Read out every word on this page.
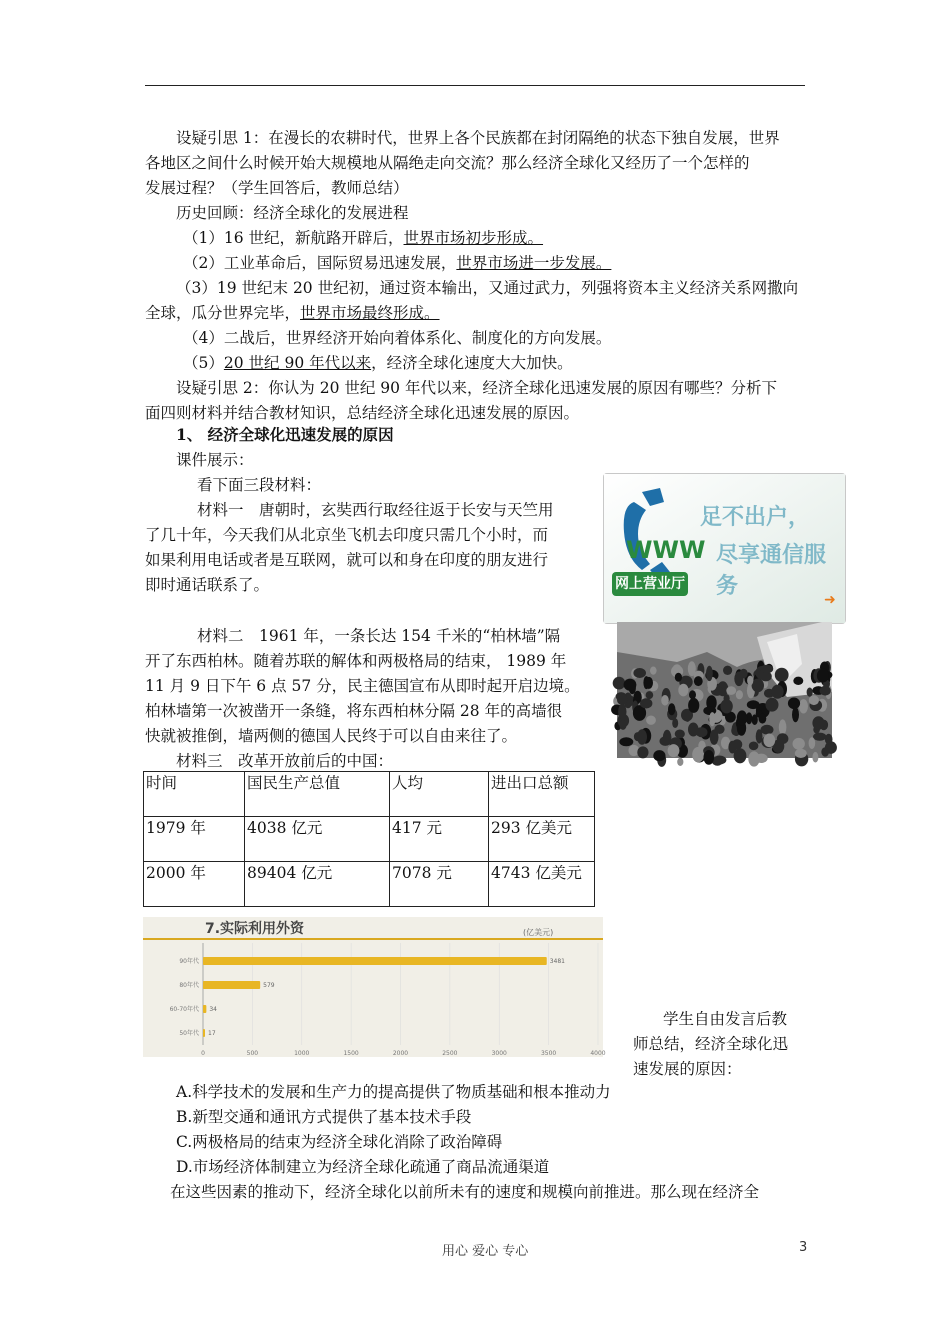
设疑引思 1：在漫长的农耕时代，世界上各个民族都在封闭隔绝的状态下独自发展，世界
各地区之间什么时候开始大规模地从隔绝走向交流？那么经济全球化又经历了一个怎样的
发展过程？（学生回答后，教师总结）
历史回顾：经济全球化的发展进程
（1）16 世纪，新航路开辟后，世界市场初步形成。
（2）工业革命后，国际贸易迅速发展，世界市场进一步发展。
（3）19 世纪末 20 世纪初，通过资本输出，又通过武力，列强将资本主义经济关系网撒向
全球，瓜分世界完毕，世界市场最终形成。
（4）二战后，世界经济开始向着体系化、制度化的方向发展。
（5）20 世纪 90 年代以来，经济全球化速度大大加快。
设疑引思 2：你认为 20 世纪 90 年代以来，经济全球化迅速发展的原因有哪些？分析下
面四则材料并结合教材知识，总结经济全球化迅速发展的原因。
1、 经济全球化迅速发展的原因
课件展示：
看下面三段材料：
材料一　唐朝时，玄奘西行取经往返于长安与天竺用
了几十年，今天我们从北京坐飞机去印度只需几个小时，而
如果利用电话或者是互联网，就可以和身在印度的朋友进行
即时通话联系了。
WWW
足不出户，
尽享通信服务
网上营业厅
➜
材料二　1961 年，一条长达 154 千米的“柏林墙”隔
开了东西柏林。随着苏联的解体和两极格局的结束， 1989 年
11 月 9 日下午 6 点 57 分，民主德国宣布从即时起开启边境。
柏林墙第一次被凿开一条缝，将东西柏林分隔 28 年的高墙很
快就被推倒，墙两侧的德国人民终于可以自由来往了。
材料三　改革开放前后的中国：
时间	国民生产总值	人均	进出口总额
1979 年	4038 亿元	417 元	293 亿美元
2000 年	89404 亿元	7078 元	4743 亿美元
7.实际利用外资	(亿美元)
0	500	1000	1500	2000	2500	3000	3500	4000
90年代	3481
80年代	579
60-70年代 34
50年代 17
学生自由发言后教
师总结，经济全球化迅
速发展的原因：
A.科学技术的发展和生产力的提高提供了物质基础和根本推动力
B.新型交通和通讯方式提供了基本技术手段
C.两极格局的结束为经济全球化消除了政治障碍
D.市场经济体制建立为经济全球化疏通了商品流通渠道
在这些因素的推动下，经济全球化以前所未有的速度和规模向前推进。那么现在经济全
用心 爱心 专心	3
